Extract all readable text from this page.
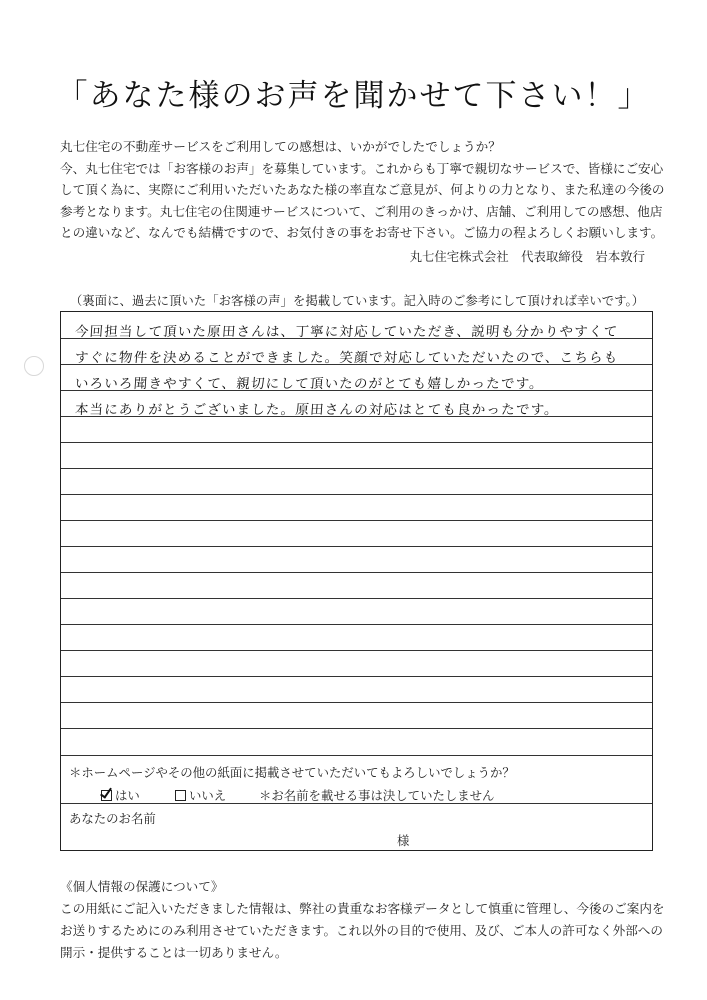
「あなた様のお声を聞かせて下さい！」
丸七住宅の不動産サービスをご利用しての感想は、いかがでしたでしょうか？
今、丸七住宅では「お客様のお声」を募集しています。これからも丁寧で親切なサービスで、皆様にご安心
して頂く為に、実際にご利用いただいたあなた様の率直なご意見が、何よりの力となり、また私達の今後の
参考となります。丸七住宅の住関連サービスについて、ご利用のきっかけ、店舗、ご利用しての感想、他店
との違いなど、なんでも結構ですので、お気付きの事をお寄せ下さい。ご協力の程よろしくお願いします。
丸七住宅株式会社　代表取締役　岩本敦行
（裏面に、過去に頂いた「お客様の声」を掲載しています。記入時のご参考にして頂ければ幸いです。）
今回担当して頂いた原田さんは、丁寧に対応していただき、説明も分かりやすくて
すぐに物件を決めることができました。笑顔で対応していただいたので、こちらも
いろいろ聞きやすくて、親切にして頂いたのがとても嬉しかったです。
本当にありがとうございました。原田さんの対応はとても良かったです。
＊ホームページやその他の紙面に掲載させていただいてもよろしいでしょうか？
はい	いいえ	＊お名前を載せる事は決していたしません
あなたのお名前
様
《個人情報の保護について》
この用紙にご記入いただきました情報は、弊社の貴重なお客様データとして慎重に管理し、今後のご案内を
お送りするためにのみ利用させていただきます。これ以外の目的で使用、及び、ご本人の許可なく外部への
開示・提供することは一切ありません。
